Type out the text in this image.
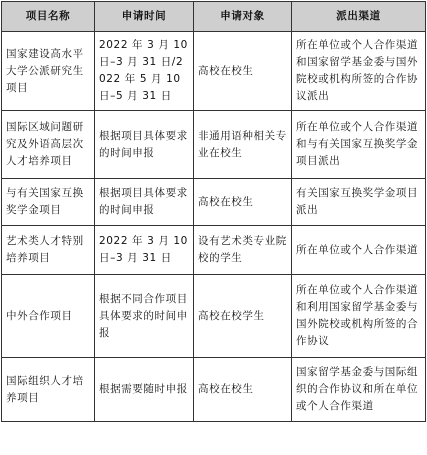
项目名称	申请时间	申请对象	派出渠道
国家建设高水平大学公派研究生项目	2022 年 3 月 10 日–3 月 31 日/2022 年 5 月 10 日–5 月 31 日	高校在校生	所在单位或个人合作渠道和国家留学基金委与国外院校或机构所签的合作协议派出
国际区域问题研究及外语高层次人才培养项目	根据项目具体要求的时间申报	非通用语种相关专业在校生	所在单位或个人合作渠道和与有关国家互换奖学金项目派出
与有关国家互换奖学金项目	根据项目具体要求的时间申报	高校在校生	有关国家互换奖学金项目派出
艺术类人才特别培养项目	2022 年 3 月 10 日–3 月 31 日	设有艺术类专业院校的学生	所在单位或个人合作渠道
中外合作项目	根据不同合作项目具体要求的时间申报	高校在校学生	所在单位或个人合作渠道和利用国家留学基金委与国外院校或机构所签的合作协议
国际组织人才培养项目	根据需要随时申报	高校在校生	国家留学基金委与国际组织的合作协议和所在单位或个人合作渠道
